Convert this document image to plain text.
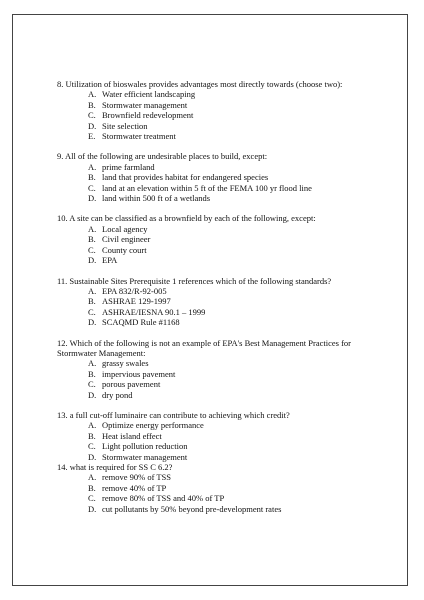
8. Utilization of bioswales provides advantages most directly towards (choose two):
A. Water efficient landscaping
B. Stormwater management
C. Brownfield redevelopment
D. Site selection
E. Stormwater treatment
9. All of the following are undesirable places to build, except:
A. prime farmland
B. land that provides habitat for endangered species
C. land at an elevation within 5 ft of the FEMA 100 yr flood line
D. land within 500 ft of a wetlands
10. A site can be classified as a brownfield by each of the following, except:
A. Local agency
B. Civil engineer
C. County court
D. EPA
11. Sustainable Sites Prerequisite 1 references which of the following standards?
A. EPA 832/R-92-005
B. ASHRAE 129-1997
C. ASHRAE/IESNA 90.1 – 1999
D. SCAQMD Rule #1168
12. Which of the following is not an example of EPA's Best Management Practices for Stormwater Management:
A. grassy swales
B. impervious pavement
C. porous pavement
D. dry pond
13. a full cut-off luminaire can contribute to achieving which credit?
A. Optimize energy performance
B. Heat island effect
C. Light pollution reduction
D. Stormwater management
14. what is required for SS C 6.2?
A. remove 90% of TSS
B. remove 40% of TP
C. remove 80% of TSS and 40% of TP
D. cut pollutants by 50% beyond pre-development rates
